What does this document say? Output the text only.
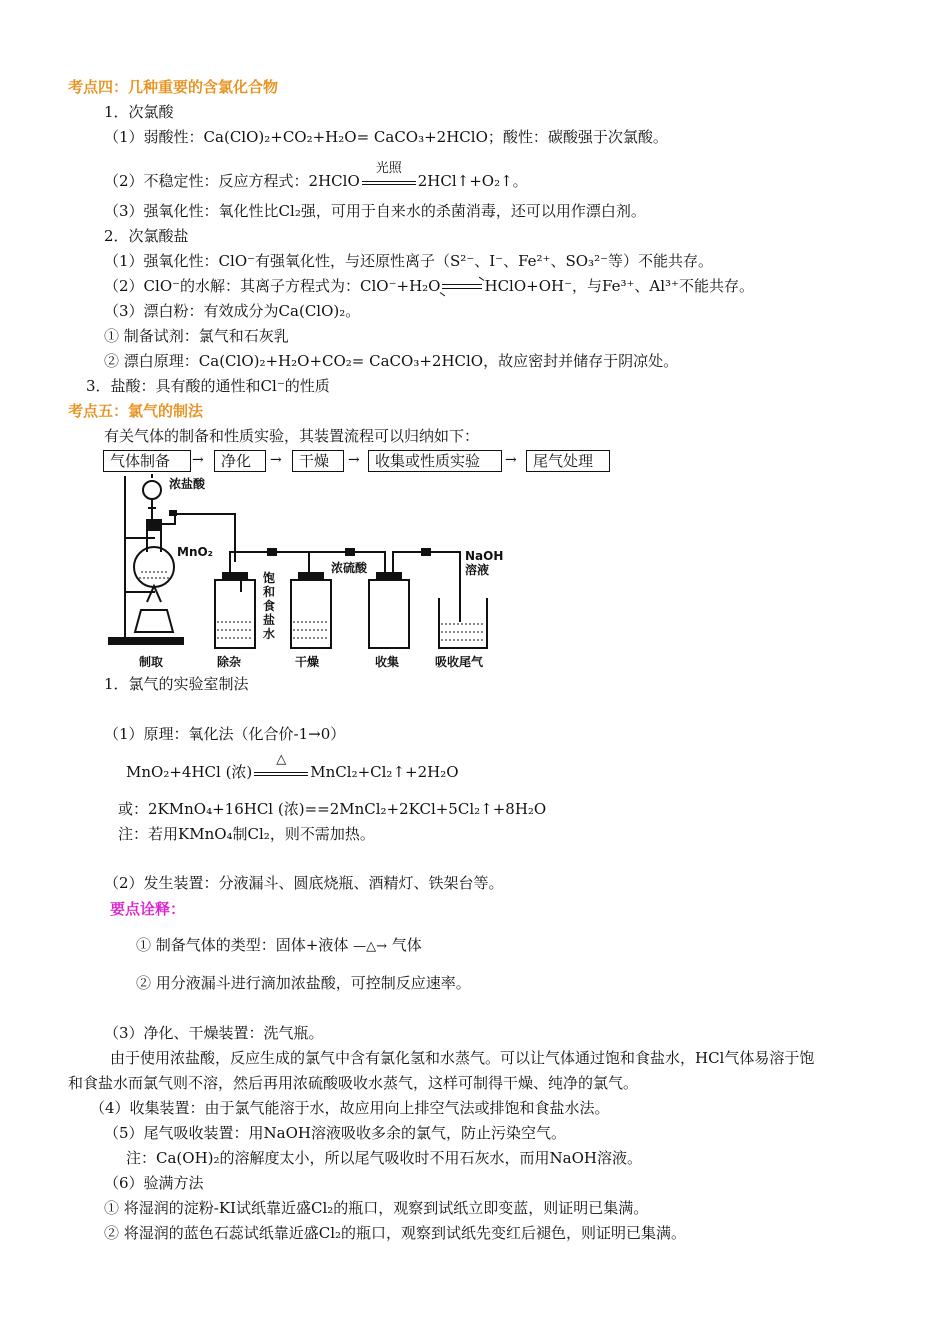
考点四：几种重要的含氯化合物
1．次氯酸
（1）弱酸性：Ca(ClO)₂+CO₂+H₂O= CaCO₃+2HClO；酸性：碳酸强于次氯酸。
（2）不稳定性：反应方程式：2HClO
光照
2HCl↑+O₂↑。
（3）强氧化性：氧化性比Cl₂强，可用于自来水的杀菌消毒，还可以用作漂白剂。
2．次氯酸盐
（1）强氧化性：ClO⁻有强氧化性，与还原性离子（S²⁻、I⁻、Fe²⁺、SO₃²⁻等）不能共存。
（2）ClO⁻的水解：其离子方程式为：ClO⁻+H₂O⇌HClO+OH⁻，与Fe³⁺、Al³⁺不能共存。
（3）漂白粉：有效成分为Ca(ClO)₂。
① 制备试剂：氯气和石灰乳
② 漂白原理：Ca(ClO)₂+H₂O+CO₂= CaCO₃+2HClO，故应密封并储存于阴凉处。
3．盐酸：具有酸的通性和Cl⁻的性质
考点五：氯气的制法
有关气体的制备和性质实验，其装置流程可以归纳如下：
气体制备	→	净化	→	干燥	→	收集或性质实验	→	尾气处理
浓盐酸
MnO₂
饱
和
食
盐
水
浓硫酸
NaOH
溶液
制取	除杂	干燥	收集	吸收尾气
1．氯气的实验室制法
（1）原理：氧化法（化合价-1→0）
MnO₂+4HCl (浓)
△
MnCl₂+Cl₂↑+2H₂O
或：2KMnO₄+16HCl (浓)==2MnCl₂+2KCl+5Cl₂↑+8H₂O
注：若用KMnO₄制Cl₂，则不需加热。
（2）发生装置：分液漏斗、圆底烧瓶、酒精灯、铁架台等。
要点诠释：
① 制备气体的类型：固体+液体 —△→ 气体
② 用分液漏斗进行滴加浓盐酸，可控制反应速率。
（3）净化、干燥装置：洗气瓶。
由于使用浓盐酸，反应生成的氯气中含有氯化氢和水蒸气。可以让气体通过饱和食盐水，HCl气体易溶于饱
和食盐水而氯气则不溶，然后再用浓硫酸吸收水蒸气，这样可制得干燥、纯净的氯气。
（4）收集装置：由于氯气能溶于水，故应用向上排空气法或排饱和食盐水法。
（5）尾气吸收装置：用NaOH溶液吸收多余的氯气，防止污染空气。
注：Ca(OH)₂的溶解度太小，所以尾气吸收时不用石灰水，而用NaOH溶液。
（6）验满方法
① 将湿润的淀粉-KI试纸靠近盛Cl₂的瓶口，观察到试纸立即变蓝，则证明已集满。
② 将湿润的蓝色石蕊试纸靠近盛Cl₂的瓶口，观察到试纸先变红后褪色，则证明已集满。
